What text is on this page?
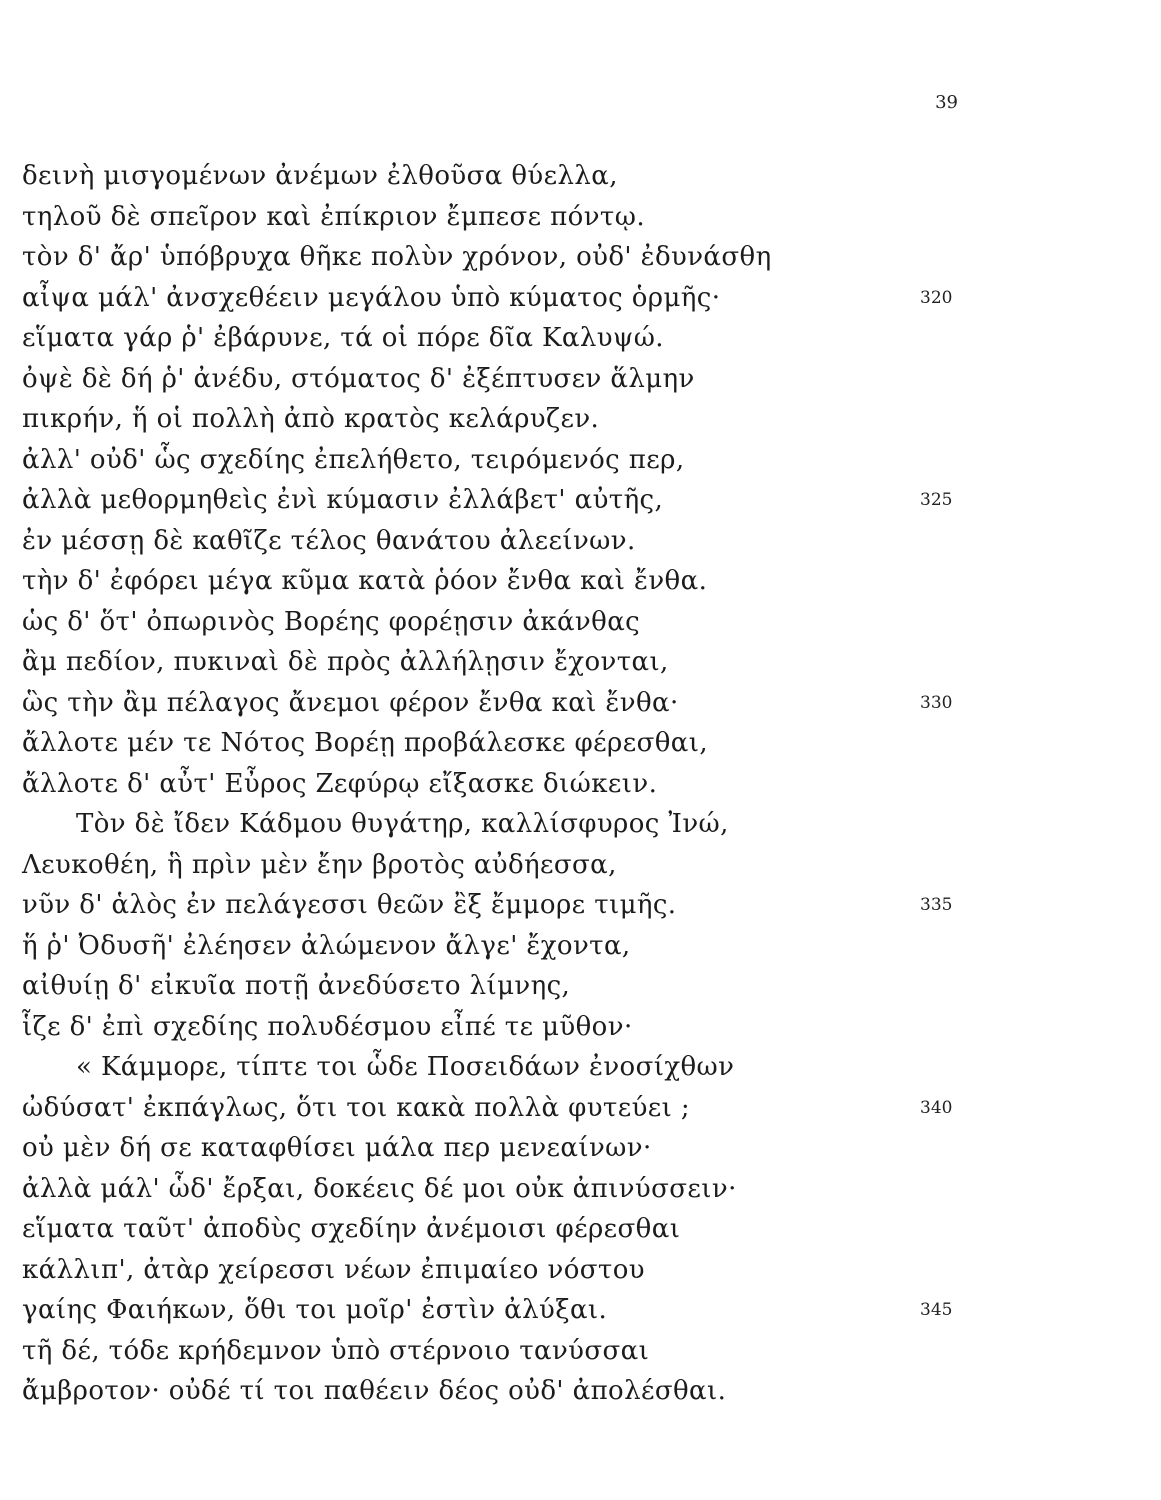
39
δεινὴ μισγομένων ἀνέμων ἐλθοῦσα θύελλα,
τηλοῦ δὲ σπεῖρον καὶ ἐπίκριον ἔμπεσε πόντῳ.
τὸν δ' ἄρ' ὑπόβρυχα θῆκε πολὺν χρόνον, οὐδ' ἐδυνάσθη
αἶψα μάλ' ἀνσχεθέειν μεγάλου ὑπὸ κύματος ὁρμῆς·	320
εἵματα γάρ ῥ' ἐβάρυνε, τά οἱ πόρε δῖα Καλυψώ.
ὀψὲ δὲ δή ῥ' ἀνέδυ, στόματος δ' ἐξέπτυσεν ἅλμην
πικρήν, ἥ οἱ πολλὴ ἀπὸ κρατὸς κελάρυζεν.
ἀλλ' οὐδ' ὧς σχεδίης ἐπελήθετο, τειρόμενός περ,
ἀλλὰ μεθορμηθεὶς ἐνὶ κύμασιν ἐλλάβετ' αὐτῆς,	325
ἐν μέσσῃ δὲ καθῖζε τέλος θανάτου ἀλεείνων.
τὴν δ' ἐφόρει μέγα κῦμα κατὰ ῥόον ἔνθα καὶ ἔνθα.
ὡς δ' ὅτ' ὀπωρινὸς Βορέης φορέῃσιν ἀκάνθας
ἂμ πεδίον, πυκιναὶ δὲ πρὸς ἀλλήλῃσιν ἔχονται,
ὣς τὴν ἂμ πέλαγος ἄνεμοι φέρον ἔνθα καὶ ἔνθα·	330
ἄλλοτε μέν τε Νότος Βορέῃ προβάλεσκε φέρεσθαι,
ἄλλοτε δ' αὖτ' Εὖρος Ζεφύρῳ εἴξασκε διώκειν.
Τὸν δὲ ἴδεν Κάδμου θυγάτηρ, καλλίσφυρος Ἰνώ,
Λευκοθέη, ἣ πρὶν μὲν ἔην βροτὸς αὐδήεσσα,
νῦν δ' ἁλὸς ἐν πελάγεσσι θεῶν ἒξ ἔμμορε τιμῆς.	335
ἥ ῥ' Ὀδυσῆ' ἐλέησεν ἀλώμενον ἄλγε' ἔχοντα,
αἰθυίῃ δ' εἰκυῖα ποτῇ ἀνεδύσετο λίμνης,
ἷζε δ' ἐπὶ σχεδίης πολυδέσμου εἶπέ τε μῦθον·
« Κάμμορε, τίπτε τοι ὧδε Ποσειδάων ἐνοσίχθων
ὠδύσατ' ἐκπάγλως, ὅτι τοι κακὰ πολλὰ φυτεύει ;	340
οὐ μὲν δή σε καταφθίσει μάλα περ μενεαίνων·
ἀλλὰ μάλ' ὧδ' ἔρξαι, δοκέεις δέ μοι οὐκ ἀπινύσσειν·
εἵματα ταῦτ' ἀποδὺς σχεδίην ἀνέμοισι φέρεσθαι
κάλλιπ', ἀτὰρ χείρεσσι νέων ἐπιμαίεο νόστου
γαίης Φαιήκων, ὅθι τοι μοῖρ' ἐστὶν ἀλύξαι.	345
τῆ δέ, τόδε κρήδεμνον ὑπὸ στέρνοιο τανύσσαι
ἄμβροτον· οὐδέ τί τοι παθέειν δέος οὐδ' ἀπολέσθαι.
